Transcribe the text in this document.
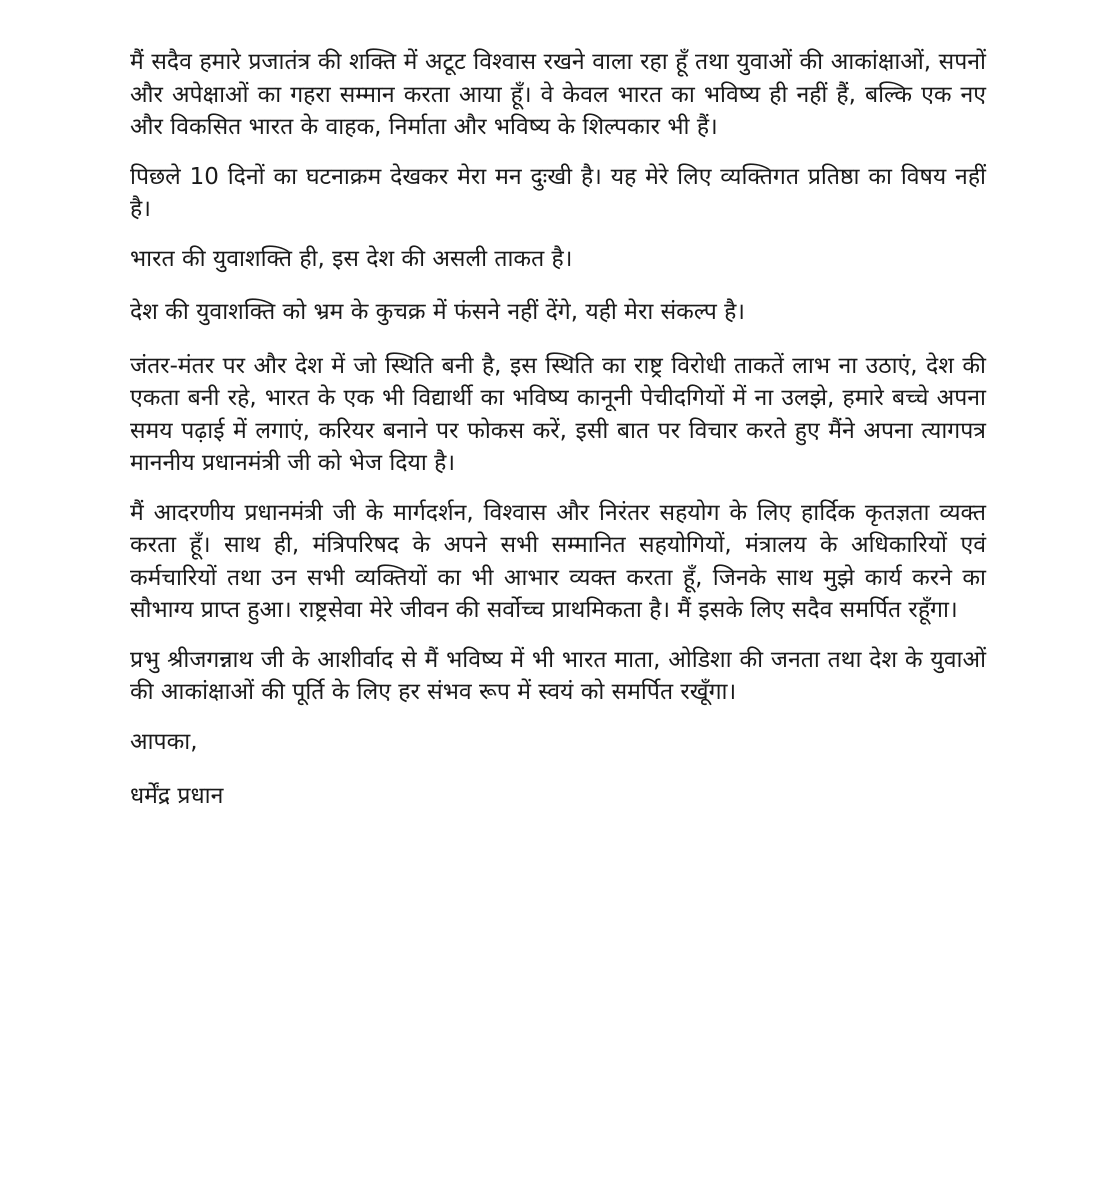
मैं सदैव हमारे प्रजातंत्र की शक्ति में अटूट विश्वास रखने वाला रहा हूँ तथा युवाओं की आकांक्षाओं, सपनों और अपेक्षाओं का गहरा सम्मान करता आया हूँ। वे केवल भारत का भविष्य ही नहीं हैं, बल्कि एक नए और विकसित भारत के वाहक, निर्माता और भविष्य के शिल्पकार भी हैं।

पिछले 10 दिनों का घटनाक्रम देखकर मेरा मन दुःखी है। यह मेरे लिए व्यक्तिगत प्रतिष्ठा का विषय नहीं है।

भारत की युवाशक्ति ही, इस देश की असली ताकत है।

देश की युवाशक्ति को भ्रम के कुचक्र में फंसने नहीं देंगे, यही मेरा संकल्प है।

जंतर-मंतर पर और देश में जो स्थिति बनी है, इस स्थिति का राष्ट्र विरोधी ताकतें लाभ ना उठाएं, देश की एकता बनी रहे, भारत के एक भी विद्यार्थी का भविष्य कानूनी पेचीदगियों में ना उलझे, हमारे बच्चे अपना समय पढ़ाई में लगाएं, करियर बनाने पर फोकस करें, इसी बात पर विचार करते हुए मैंने अपना त्यागपत्र माननीय प्रधानमंत्री जी को भेज दिया है।

मैं आदरणीय प्रधानमंत्री जी के मार्गदर्शन, विश्वास और निरंतर सहयोग के लिए हार्दिक कृतज्ञता व्यक्त करता हूँ। साथ ही, मंत्रिपरिषद के अपने सभी सम्मानित सहयोगियों, मंत्रालय के अधिकारियों एवं कर्मचारियों तथा उन सभी व्यक्तियों का भी आभार व्यक्त करता हूँ, जिनके साथ मुझे कार्य करने का सौभाग्य प्राप्त हुआ। राष्ट्रसेवा मेरे जीवन की सर्वोच्च प्राथमिकता है। मैं इसके लिए सदैव समर्पित रहूँगा।

प्रभु श्रीजगन्नाथ जी के आशीर्वाद से मैं भविष्य में भी भारत माता, ओडिशा की जनता तथा देश के युवाओं की आकांक्षाओं की पूर्ति के लिए हर संभव रूप में स्वयं को समर्पित रखूँगा।

आपका,

धर्मेंद्र प्रधान
